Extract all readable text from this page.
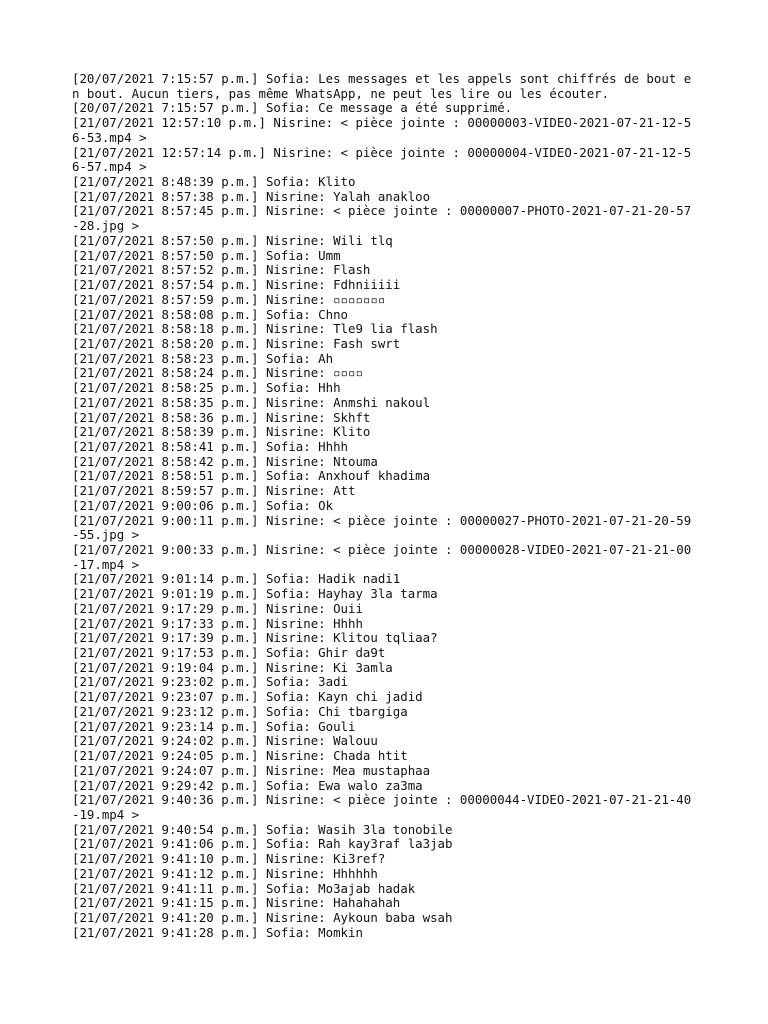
[20/07/2021 7:15:57 p.m.] Sofia: Les messages et les appels sont chiffrés de bout en bout. Aucun tiers, pas même WhatsApp, ne peut les lire ou les écouter.

[20/07/2021 7:15:57 p.m.] Sofia: Ce message a été supprimé.

[21/07/2021 12:57:10 p.m.] Nisrine: < pièce jointe : 00000003-VIDEO-2021-07-21-12-56-53.mp4 >

[21/07/2021 12:57:14 p.m.] Nisrine: < pièce jointe : 00000004-VIDEO-2021-07-21-12-56-57.mp4 >

[21/07/2021 8:48:39 p.m.] Sofia: Klito

[21/07/2021 8:57:38 p.m.] Nisrine: Yalah anakloo

[21/07/2021 8:57:45 p.m.] Nisrine: < pièce jointe : 00000007-PHOTO-2021-07-21-20-57-28.jpg >

[21/07/2021 8:57:50 p.m.] Nisrine: Wili tlq

[21/07/2021 8:57:50 p.m.] Sofia: Umm

[21/07/2021 8:57:52 p.m.] Nisrine: Flash

[21/07/2021 8:57:54 p.m.] Nisrine: Fdhniiiii

[21/07/2021 8:57:59 p.m.] Nisrine: ▫▫▫▫▫▫▫

[21/07/2021 8:58:08 p.m.] Sofia: Chno

[21/07/2021 8:58:18 p.m.] Nisrine: Tle9 lia flash

[21/07/2021 8:58:20 p.m.] Nisrine: Fash swrt

[21/07/2021 8:58:23 p.m.] Sofia: Ah

[21/07/2021 8:58:24 p.m.] Nisrine: ▫▫▫▫

[21/07/2021 8:58:25 p.m.] Sofia: Hhh

[21/07/2021 8:58:35 p.m.] Nisrine: Anmshi nakoul

[21/07/2021 8:58:36 p.m.] Nisrine: Skhft

[21/07/2021 8:58:39 p.m.] Nisrine: Klito

[21/07/2021 8:58:41 p.m.] Sofia: Hhhh

[21/07/2021 8:58:42 p.m.] Nisrine: Ntouma

[21/07/2021 8:58:51 p.m.] Sofia: Anxhouf khadima

[21/07/2021 8:59:57 p.m.] Nisrine: Att

[21/07/2021 9:00:06 p.m.] Sofia: Ok

[21/07/2021 9:00:11 p.m.] Nisrine: < pièce jointe : 00000027-PHOTO-2021-07-21-20-59-55.jpg >

[21/07/2021 9:00:33 p.m.] Nisrine: < pièce jointe : 00000028-VIDEO-2021-07-21-21-00-17.mp4 >

[21/07/2021 9:01:14 p.m.] Sofia: Hadik nadi1

[21/07/2021 9:01:19 p.m.] Sofia: Hayhay 3la tarma

[21/07/2021 9:17:29 p.m.] Nisrine: Ouii

[21/07/2021 9:17:33 p.m.] Nisrine: Hhhh

[21/07/2021 9:17:39 p.m.] Nisrine: Klitou tqliaa?

[21/07/2021 9:17:53 p.m.] Sofia: Ghir da9t

[21/07/2021 9:19:04 p.m.] Nisrine: Ki 3amla

[21/07/2021 9:23:02 p.m.] Sofia: 3adi

[21/07/2021 9:23:07 p.m.] Sofia: Kayn chi jadid

[21/07/2021 9:23:12 p.m.] Sofia: Chi tbargiga

[21/07/2021 9:23:14 p.m.] Sofia: Gouli

[21/07/2021 9:24:02 p.m.] Nisrine: Walouu

[21/07/2021 9:24:05 p.m.] Nisrine: Chada htit

[21/07/2021 9:24:07 p.m.] Nisrine: Mea mustaphaa

[21/07/2021 9:29:42 p.m.] Sofia: Ewa walo za3ma

[21/07/2021 9:40:36 p.m.] Nisrine: < pièce jointe : 00000044-VIDEO-2021-07-21-21-40-19.mp4 >

[21/07/2021 9:40:54 p.m.] Sofia: Wasih 3la tonobile

[21/07/2021 9:41:06 p.m.] Sofia: Rah kay3raf la3jab

[21/07/2021 9:41:10 p.m.] Nisrine: Ki3ref?

[21/07/2021 9:41:12 p.m.] Nisrine: Hhhhhh

[21/07/2021 9:41:11 p.m.] Sofia: Mo3ajab hadak

[21/07/2021 9:41:15 p.m.] Nisrine: Hahahahah

[21/07/2021 9:41:20 p.m.] Nisrine: Aykoun baba wsah

[21/07/2021 9:41:28 p.m.] Sofia: Momkin
